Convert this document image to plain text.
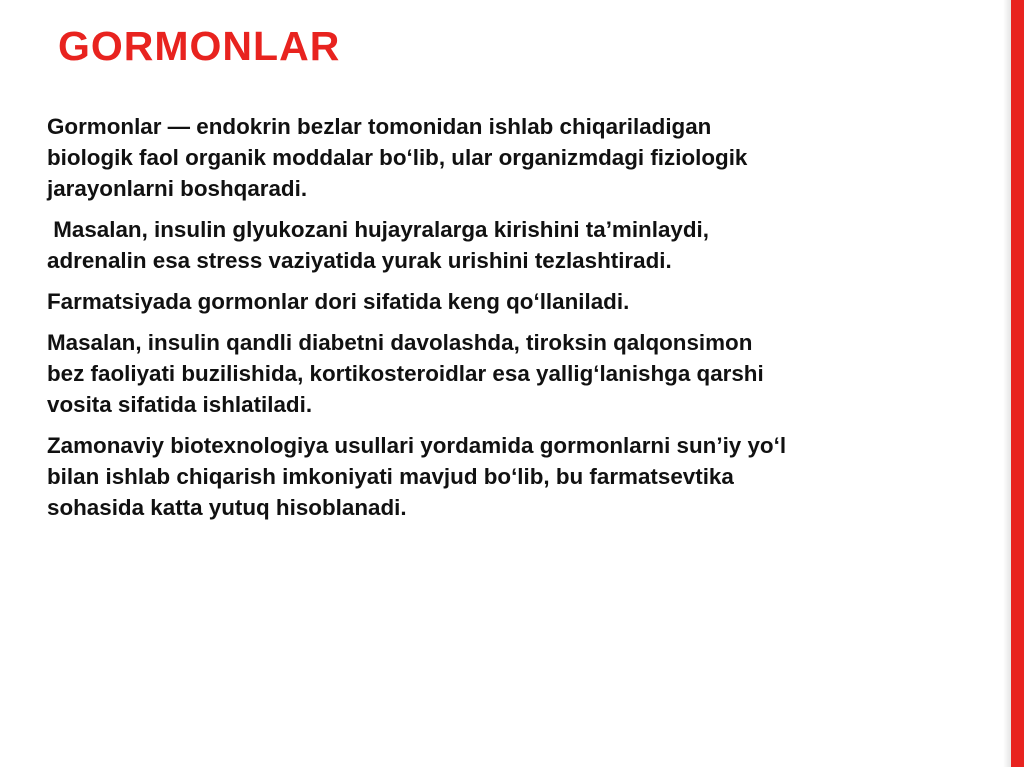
GORMONLAR

Gormonlar — endokrin bezlar tomonidan ishlab chiqariladigan
biologik faol organik moddalar bo‘lib, ular organizmdagi fiziologik
jarayonlarni boshqaradi.

Masalan, insulin glyukozani hujayralarga kirishini ta’minlaydi,
adrenalin esa stress vaziyatida yurak urishini tezlashtiradi.

Farmatsiyada gormonlar dori sifatida keng qo‘llaniladi.

Masalan, insulin qandli diabetni davolashda, tiroksin qalqonsimon
bez faoliyati buzilishida, kortikosteroidlar esa yallig‘lanishga qarshi
vosita sifatida ishlatiladi.

Zamonaviy biotexnologiya usullari yordamida gormonlarni sun’iy yo‘l
bilan ishlab chiqarish imkoniyati mavjud bo‘lib, bu farmatsevtika
sohasida katta yutuq hisoblanadi.
